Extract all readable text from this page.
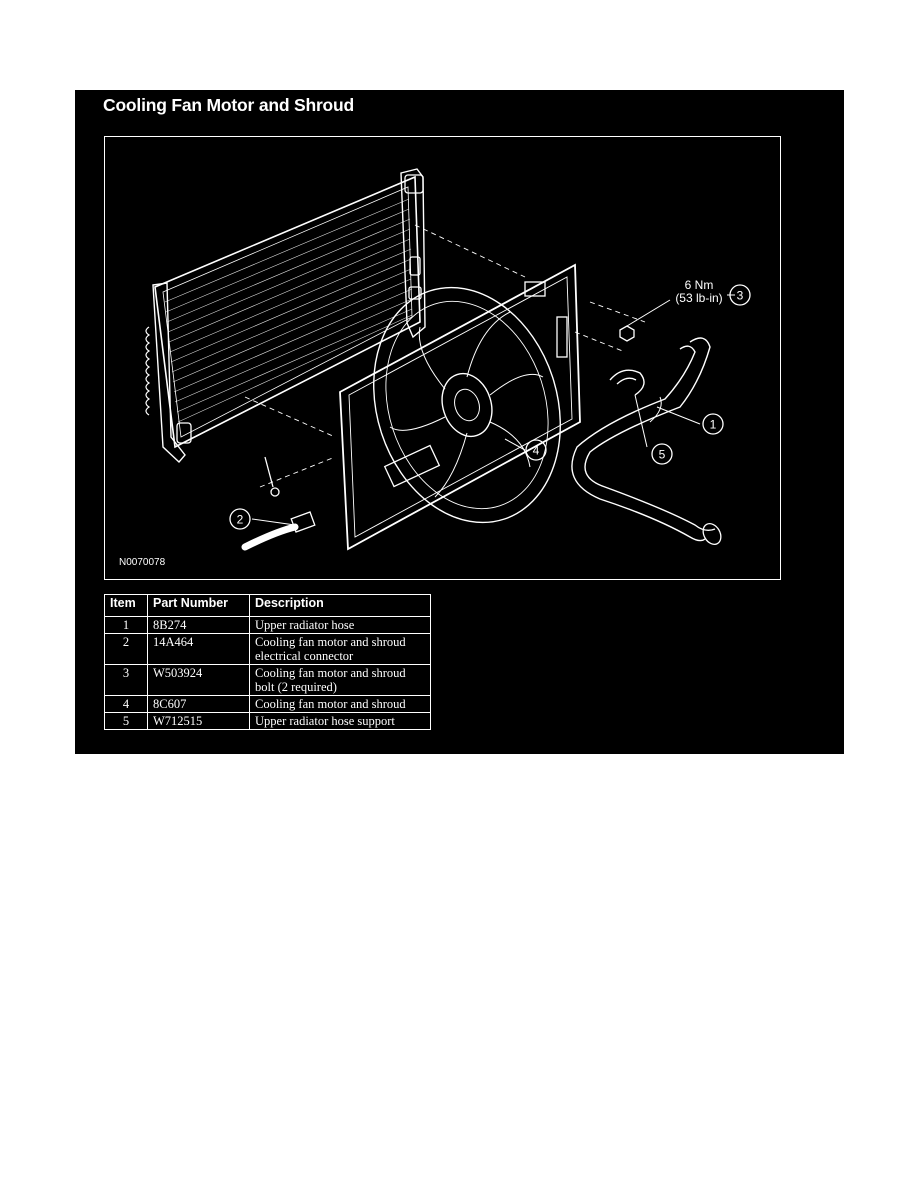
Cooling Fan Motor and Shroud
1
2
3
4	5
6 Nm
(53 lb-in)
N0070078
Item	Part Number	Description
1	8B274	Upper radiator hose
2	14A464	Cooling fan motor and shroud electrical connector
3	W503924	Cooling fan motor and shroud bolt (2 required)
4	8C607	Cooling fan motor and shroud
5	W712515	Upper radiator hose support
